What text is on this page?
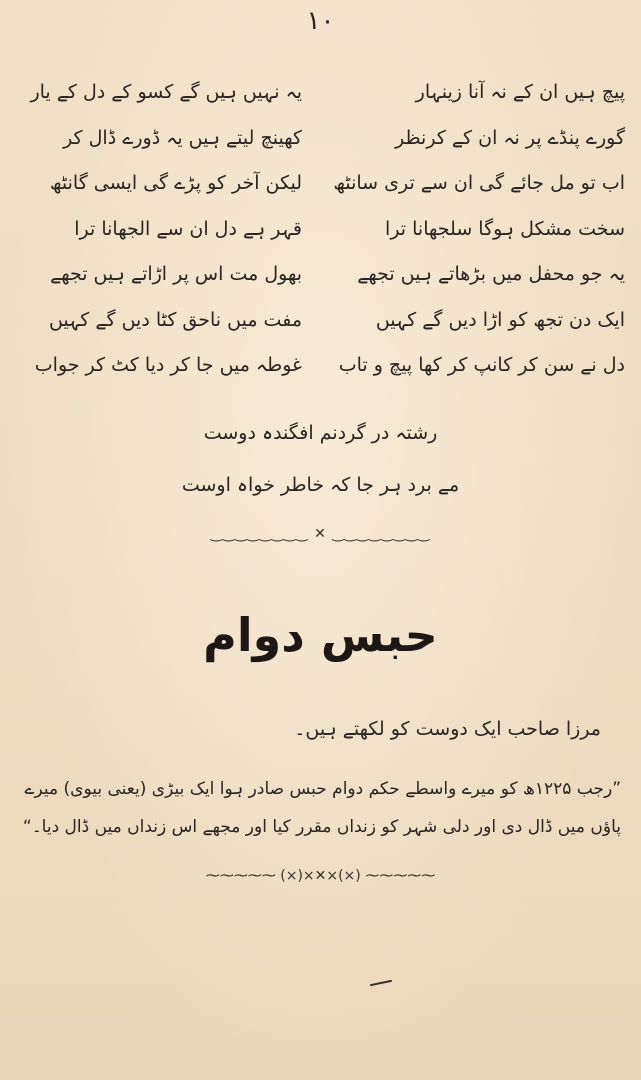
۱۰
پیچ ہیں ان کے نہ آنا زینہار
گورے پنڈے پر نہ ان کے کرنظر
اب تو مل جائے گی ان سے تری سانٹھ
سخت مشکل ہوگا سلجھانا ترا
یہ جو محفل میں بڑھاتے ہیں تجھے
ایک دن تجھ کو اڑا دیں گے کہیں
دل نے سن کر کانپ کر کھا پیچ و تاب
یہ نہیں ہیں گے کسو کے دل کے یار
کھینچ لیتے ہیں یہ ڈورے ڈال کر
لیکن آخر کو پڑے گی ایسی گانٹھ
قہر ہے دل ان سے الجھانا ترا
بھول مت اس پر اڑاتے ہیں تجھے
مفت میں ناحق کٹا دیں گے کہیں
غوطہ میں جا کر دیا کٹ کر جواب
رشتہ در گردنم افگندہ دوست
مے برد ہر جا کہ خاطر خواہ اوست
‿‿‿‿‿‿‿‿ ✕ ‿‿‿‿‿‿‿‿
حبس دوام
مرزا صاحب ایک دوست کو لکھتے ہیں۔
”رجب ۱۲۲۵ھ کو میرے واسطے حکم دوام حبس صادر ہوا ایک بیڑی (یعنی بیوی) میرے پاؤں میں ڈال دی اور دلی شہر کو زنداں مقرر کیا اور مجھے اس زنداں میں ڈال دیا۔“
⁓⁓⁓⁓⁓ (×)×✕×(×) ⁓⁓⁓⁓⁓
